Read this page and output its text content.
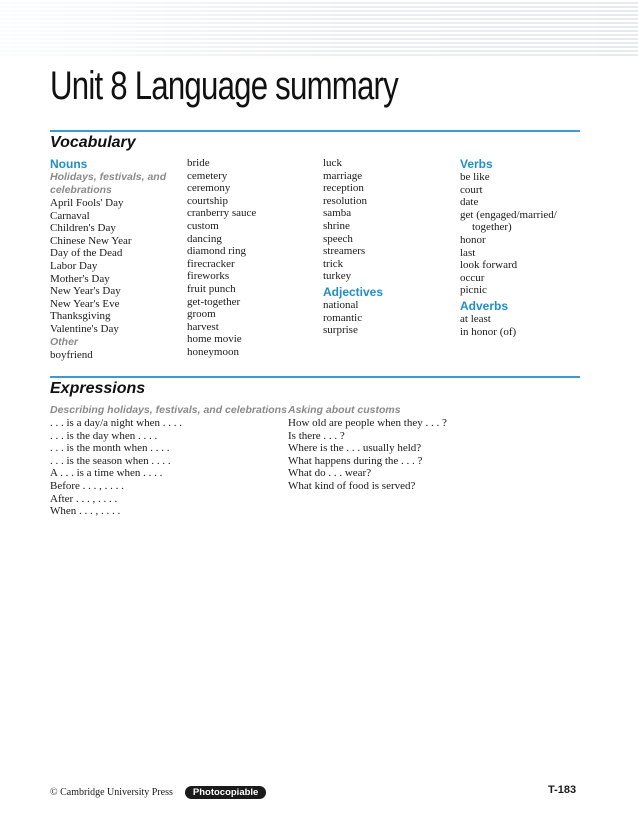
Unit 8 Language summary
Vocabulary
Nouns
Holidays, festivals, and
celebrations
April Fools' Day
Carnaval
Children's Day
Chinese New Year
Day of the Dead
Labor Day
Mother's Day
New Year's Day
New Year's Eve
Thanksgiving
Valentine's Day
Other
boyfriend
bride
cemetery
ceremony
courtship
cranberry sauce
custom
dancing
diamond ring
firecracker
fireworks
fruit punch
get-together
groom
harvest
home movie
honeymoon
luck
marriage
reception
resolution
samba
shrine
speech
streamers
trick
turkey
Adjectives
national
romantic
surprise
Verbs
be like
court
date
get (engaged/married/
together)
honor
last
look forward
occur
picnic
Adverbs
at least
in honor (of)
Expressions
Describing holidays, festivals, and celebrations
. . . is a day/a night when . . . .
. . . is the day when . . . .
. . . is the month when . . . .
. . . is the season when . . . .
A . . . is a time when . . . .
Before . . . , . . . .
After . . . , . . . .
When . . . , . . . .
Asking about customs
How old are people when they . . . ?
Is there . . . ?
Where is the . . . usually held?
What happens during the . . . ?
What do . . . wear?
What kind of food is served?
© Cambridge University Press	Photocopiable	T-183
